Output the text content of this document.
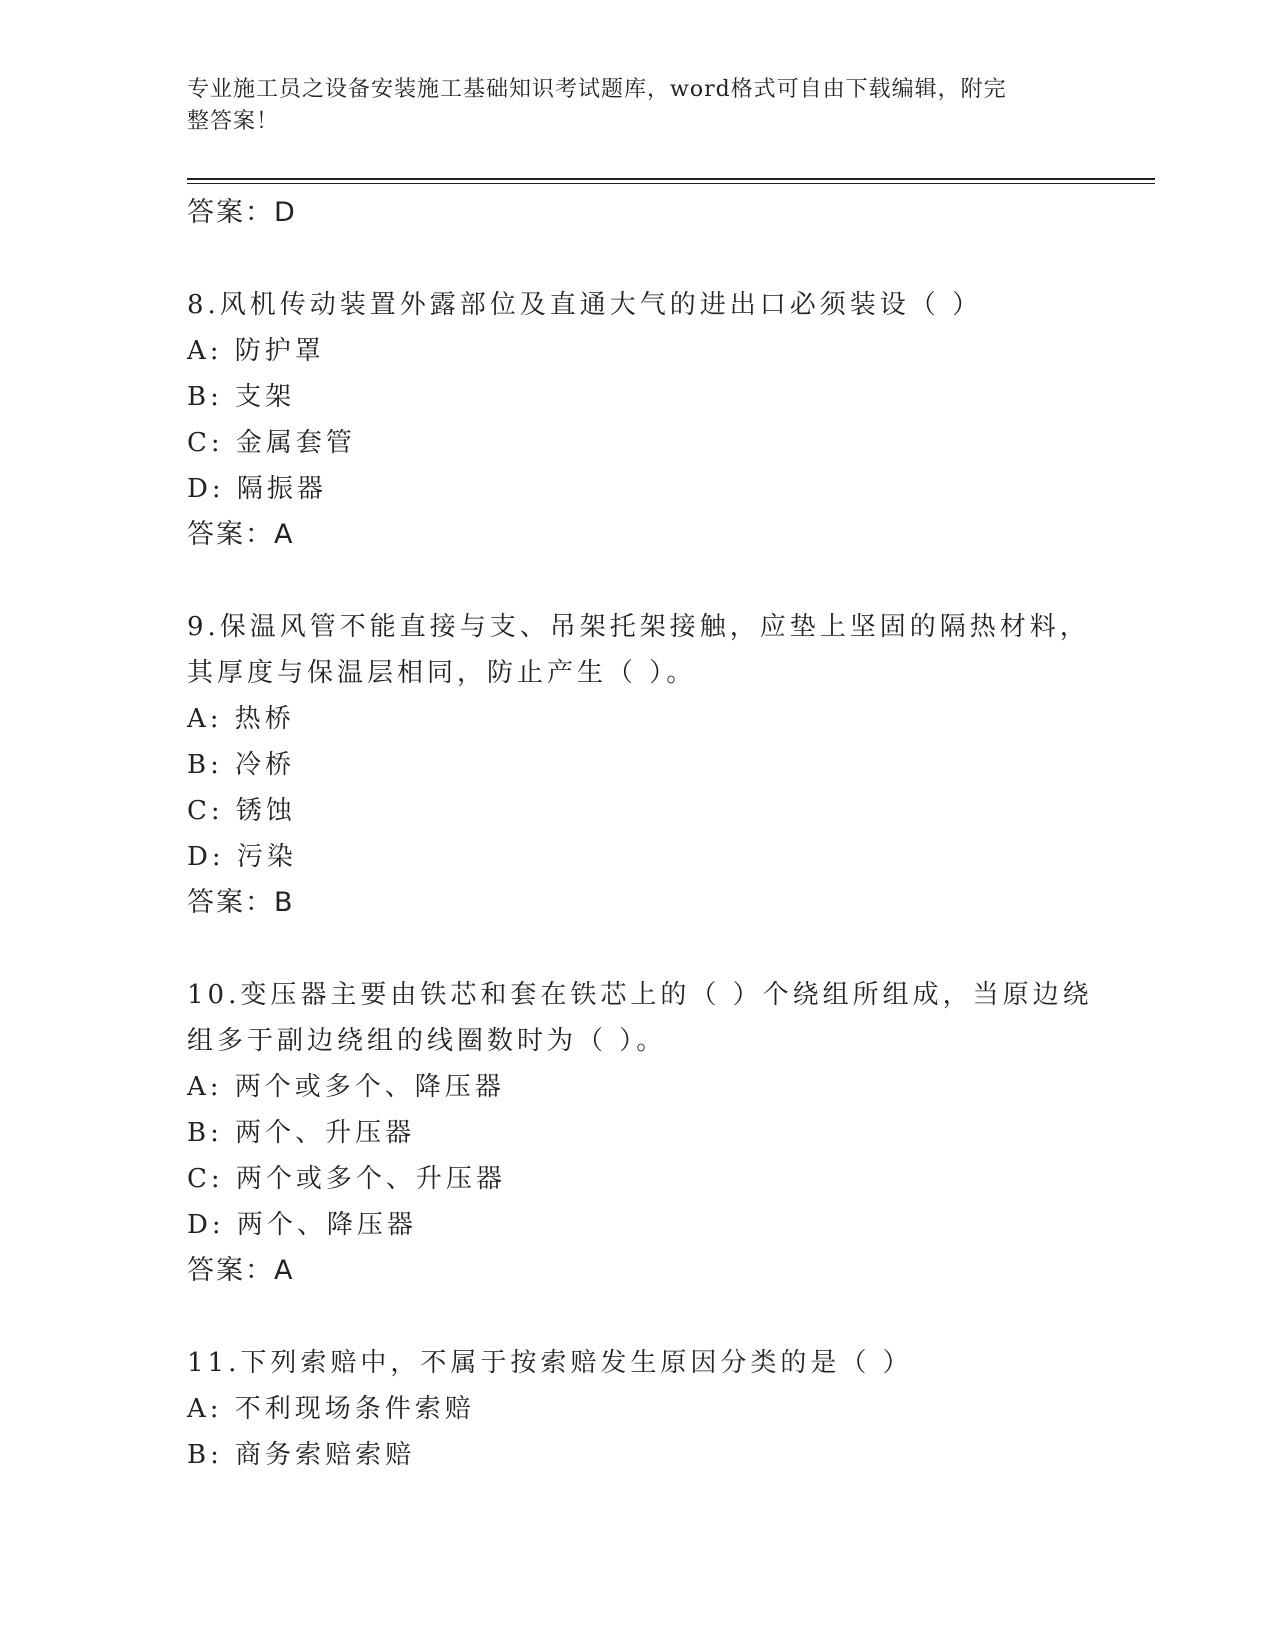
专业施工员之设备安装施工基础知识考试题库，word格式可自由下载编辑，附完
整答案！
答案：D
8.风机传动装置外露部位及直通大气的进出口必须装设（ ）
A: 防护罩
B: 支架
C: 金属套管
D: 隔振器
答案：A
9.保温风管不能直接与支、吊架托架接触，应垫上坚固的隔热材料，
其厚度与保温层相同，防止产生（ ）。
A: 热桥
B: 冷桥
C: 锈蚀
D: 污染
答案：B
10.变压器主要由铁芯和套在铁芯上的（ ）个绕组所组成，当原边绕
组多于副边绕组的线圈数时为（ ）。
A: 两个或多个、降压器
B: 两个、升压器
C: 两个或多个、升压器
D: 两个、降压器
答案：A
11.下列索赔中，不属于按索赔发生原因分类的是（ ）
A: 不利现场条件索赔
B: 商务索赔索赔
